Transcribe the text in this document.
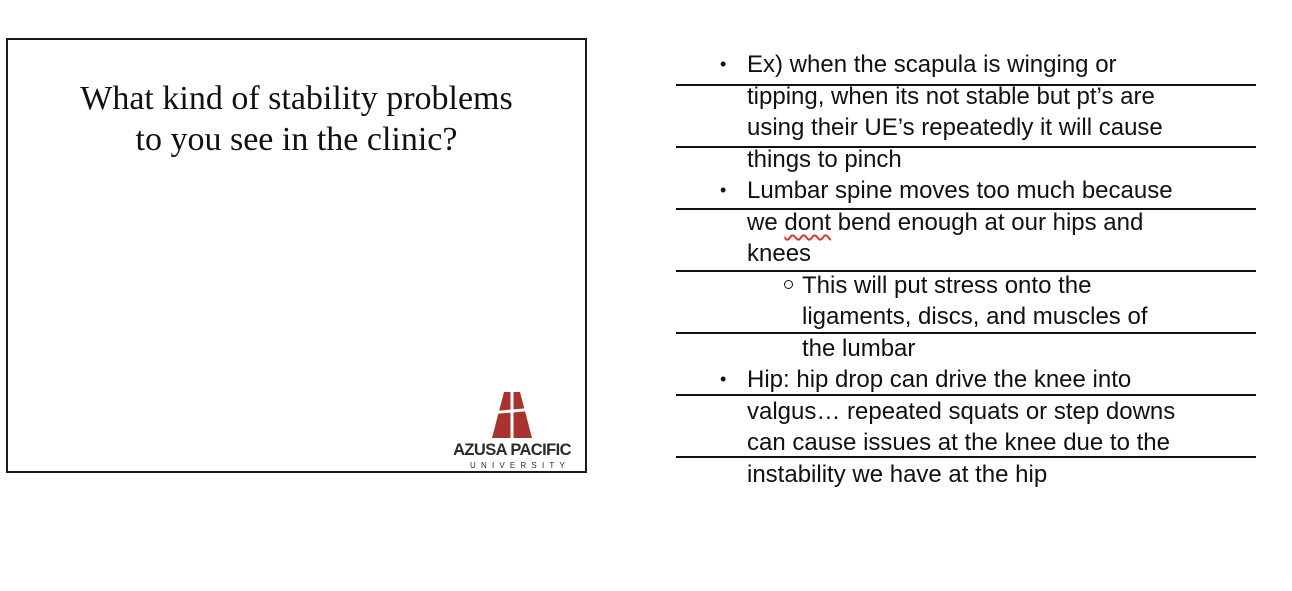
What kind of stability problems
to you see in the clinic?
AZUSA PACIFIC
UNIVERSITY
• Ex) when the scapula is winging or
tipping, when its not stable but pt’s are
using their UE’s repeatedly it will cause
things to pinch
• Lumbar spine moves too much because
we dont bend enough at our hips and
knees
This will put stress onto the
ligaments, discs, and muscles of
the lumbar
• Hip: hip drop can drive the knee into
valgus… repeated squats or step downs
can cause issues at the knee due to the
instability we have at the hip
